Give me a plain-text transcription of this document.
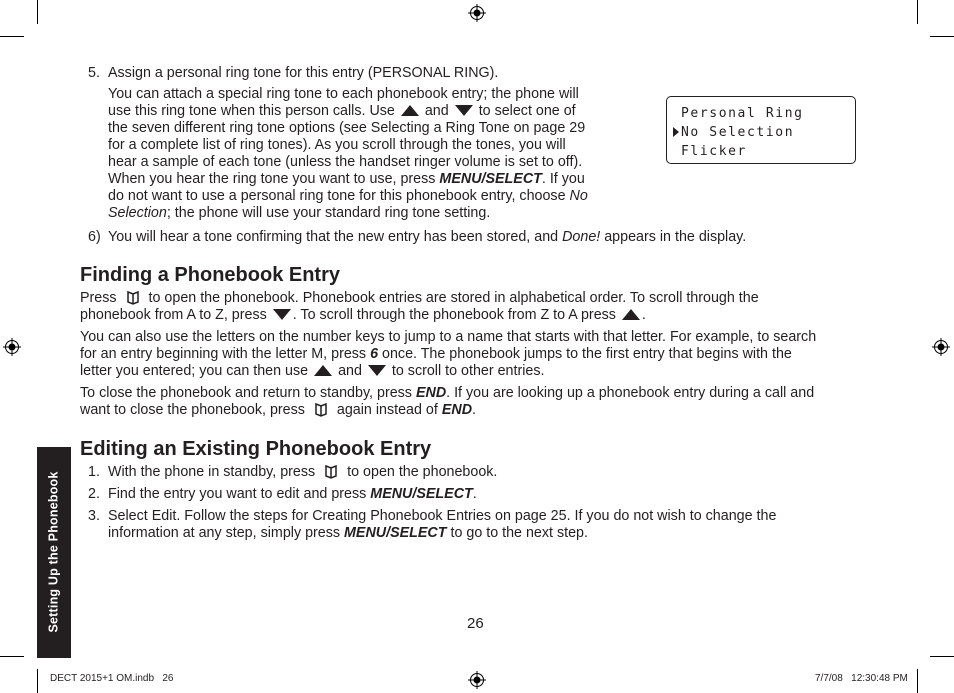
Setting Up the Phonebook
Personal Ring
No Selection
Flicker
5. Assign a personal ring tone for this entry (PERSONAL RING).
You can attach a special ring tone to each phonebook entry; the phone will
use this ring tone when this person calls. Use and to select one of
the seven different ring tone options (see Selecting a Ring Tone on page 29
for a complete list of ring tones). As you scroll through the tones, you will
hear a sample of each tone (unless the handset ringer volume is set to off).
When you hear the ring tone you want to use, press MENU/SELECT. If you
do not want to use a personal ring tone for this phonebook entry, choose No
Selection; the phone will use your standard ring tone setting.
6) You will hear a tone confirming that the new entry has been stored, and Done! appears in the display.
Finding a Phonebook Entry
Press to open the phonebook. Phonebook entries are stored in alphabetical order. To scroll through the
phonebook from A to Z, press . To scroll through the phonebook from Z to A press .
You can also use the letters on the number keys to jump to a name that starts with that letter. For example, to search
for an entry beginning with the letter M, press 6 once. The phonebook jumps to the first entry that begins with the
letter you entered; you can then use and to scroll to other entries.
To close the phonebook and return to standby, press END. If you are looking up a phonebook entry during a call and
want to close the phonebook, press again instead of END.
Editing an Existing Phonebook Entry
1. With the phone in standby, press to open the phonebook.
2. Find the entry you want to edit and press MENU/SELECT.
3. Select Edit. Follow the steps for Creating Phonebook Entries on page 25. If you do not wish to change the
information at any step, simply press MENU/SELECT to go to the next step.
26
DECT 2015+1 OM.indb   26	7/7/08   12:30:48 PM
